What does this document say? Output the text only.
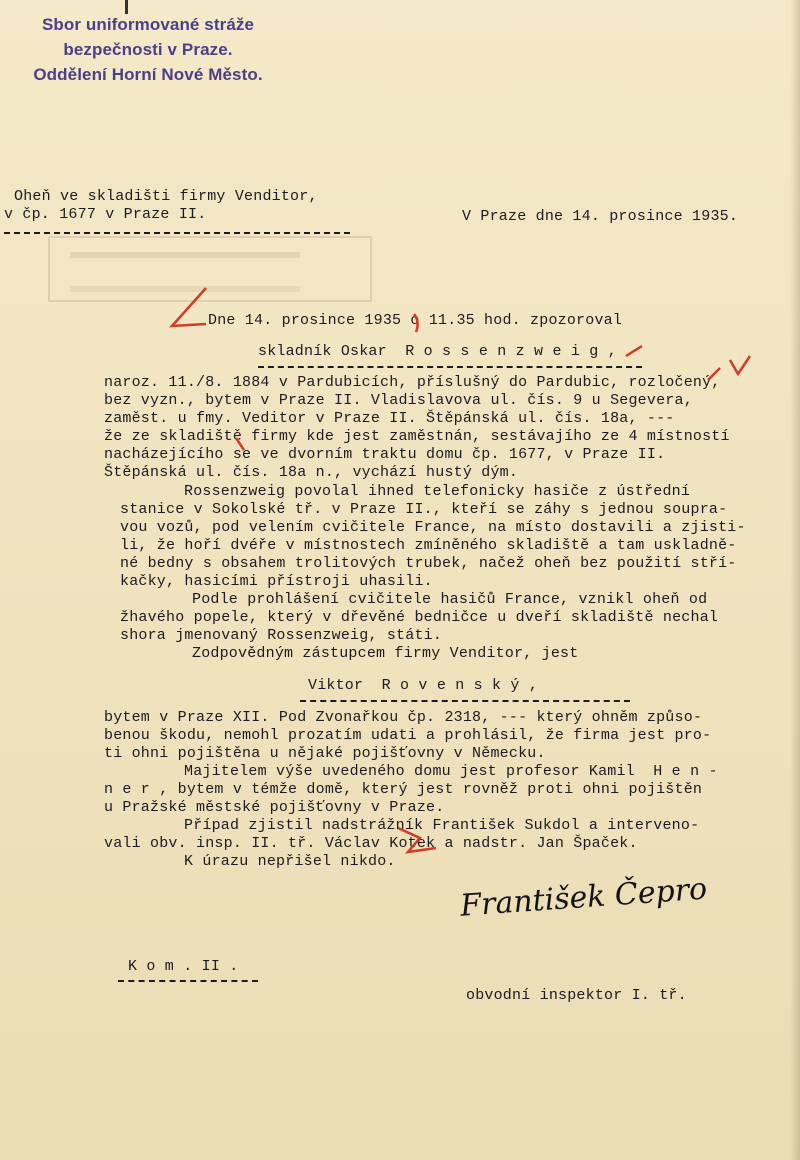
Sbor uniformované stráže
bezpečnosti v Praze.
Oddělení Horní Nové Město.

Oheň ve skladišti firmy Venditor,

v čp. 1677 v Praze II.	V Praze dne 14. prosince 1935.

Dne 14. prosince 1935 o 11.35 hod. zpozoroval

skladník Oskar  R o s s e n z w e i g ,

naroz. 11./8. 1884 v Pardubicích, příslušný do Pardubic, rozločený,

bez vyzn., bytem v Praze II. Vladislavova ul. čís. 9 u Segevera,

zaměst. u fmy. Veditor v Praze II. Štěpánská ul. čís. 18a, ---

že ze skladiště firmy kde jest zaměstnán, sestávajího ze 4 místností

nacházejícího se ve dvorním traktu domu čp. 1677, v Praze II.

Štěpánská ul. čís. 18a n., vychází hustý dým.

Rossenzweig povolal ihned telefonicky hasiče z ústřední

stanice v Sokolské tř. v Praze II., kteří se záhy s jednou soupra-

vou vozů, pod velením cvičitele France, na místo dostavili a zjisti-

li, že hoří dvéře v místnostech zmíněného skladiště a tam uskladně-

né bedny s obsahem trolitových trubek, načež oheň bez použití stří-

kačky, hasicími přístroji uhasili.

Podle prohlášení cvičitele hasičů France, vznikl oheň od

žhavého popele, který v dřevěné bedničce u dveří skladiště nechal

shora jmenovaný Rossenzweig, státi.

Zodpovědným zástupcem firmy Venditor, jest

Viktor  R o v e n s k ý ,

bytem v Praze XII. Pod Zvonařkou čp. 2318, --- který ohněm způso-

benou škodu, nemohl prozatím udati a prohlásil, že firma jest pro-

ti ohni pojištěna u nějaké pojišťovny v Německu.

Majitelem výše uvedeného domu jest profesor Kamil  H e n -

n e r , bytem v témže domě, který jest rovněž proti ohni pojištěn

u Pražské městské pojišťovny v Praze.

Případ zjistil nadstrážník František Sukdol a interveno-

vali obv. insp. II. tř. Václav Kotek a nadstr. Jan Špaček.

K úrazu nepřišel nikdo.

K o m . II .

František Čepro

obvodní inspektor I. tř.
